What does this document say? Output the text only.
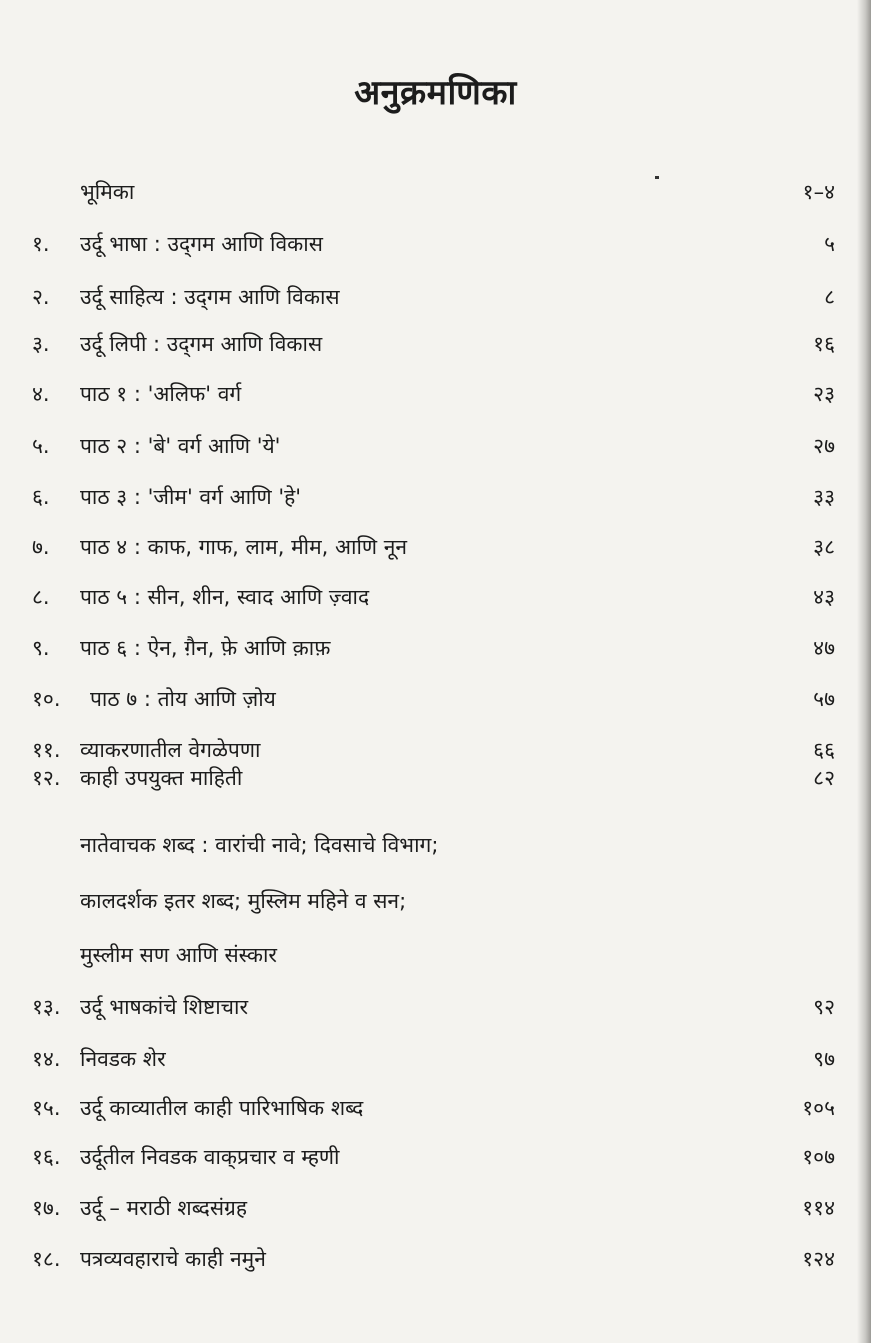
अनुक्रमणिका
भूमिका	१–४
१. उर्दू भाषा : उद्‌गम आणि विकास	५
२. उर्दू साहित्य : उद्‌गम आणि विकास	८
३. उर्दू लिपी : उद्‌गम आणि विकास	१६
४. पाठ १ : 'अलिफ' वर्ग	२३
५. पाठ २ : 'बे' वर्ग आणि 'ये'	२७
६. पाठ ३ : 'जीम' वर्ग आणि 'हे'	३३
७. पाठ ४ : काफ, गाफ, लाम, मीम, आणि नून	३८
८. पाठ ५ : सीन, शीन, स्वाद आणि ज़्वाद	४३
९. पाठ ६ : ऐन, ग़ैन, फ़े आणि क़ाफ़	४७
१०. पाठ ७ : तोय आणि ज़ोय	५७
११. व्याकरणातील वेगळेपणा	६६
१२. काही उपयुक्त माहिती	८२
नातेवाचक शब्द : वारांची नावे; दिवसाचे विभाग;
कालदर्शक इतर शब्द; मुस्लिम महिने व सन;
मुस्लीम सण आणि संस्कार
१३. उर्दू भाषकांचे शिष्टाचार	९२
१४. निवडक शेर	९७
१५. उर्दू काव्यातील काही पारिभाषिक शब्द	१०५
१६. उर्दूतील निवडक वाक्‌प्रचार व म्हणी	१०७
१७. उर्दू – मराठी शब्दसंग्रह	११४
१८. पत्रव्यवहाराचे काही नमुने	१२४
